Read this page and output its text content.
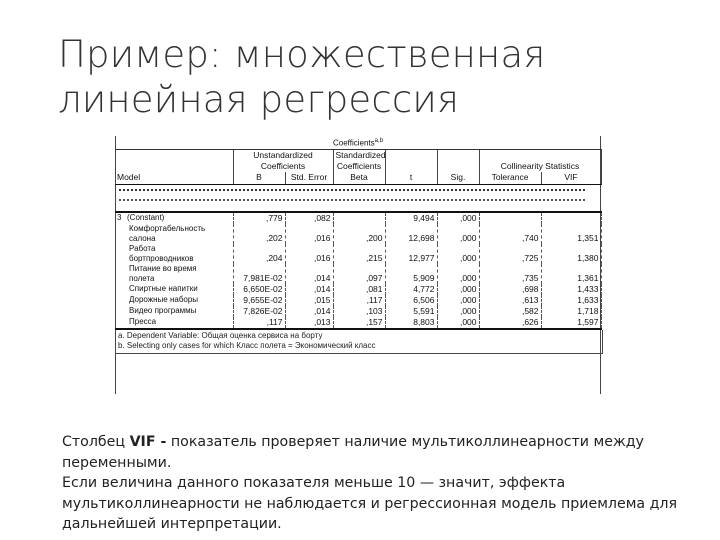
Пример: множественная
линейная регрессия
Coefficients$^{a,b}$
	Unstandardized Coefficients		Standardized Coefficients			Collinearity Statistics	
Model	B	Std. Error	Beta	t	Sig.	Tolerance	VIF

3 (Constant)	,779	,082		9,494	,000		

Комфортабельность
салона	,202	,016	,200	12,698	,000	,740	1,351

Работа
бортпроводников	,204	,016	,215	12,977	,000	,725	1,380

Питание во время
полета	7,981E-02	,014	,097	5,909	,000	,735	1,361

Спиртные напитки	6,650E-02	,014	,081	4,772	,000	,698	1,433

Дорожные наборы	9,655E-02	,015	,117	6,506	,000	,613	1,633

Видео программы	7,826E-02	,014	,103	5,591	,000	,582	1,718

Пресса	,117	,013	,157	8,803	,000	,626	1,597
a. Dependent Variable: Общая оценка сервиса на борту
b. Selecting only cases for which Класс полета = Экономический класс

Столбец VIF - показатель проверяет наличие мультиколлинеарности между переменными.

Если величина данного показателя меньше 10 — значит, эффекта мультиколлинеарности не наблюдается и регрессионная модель приемлема для дальнейшей интерпретации.
